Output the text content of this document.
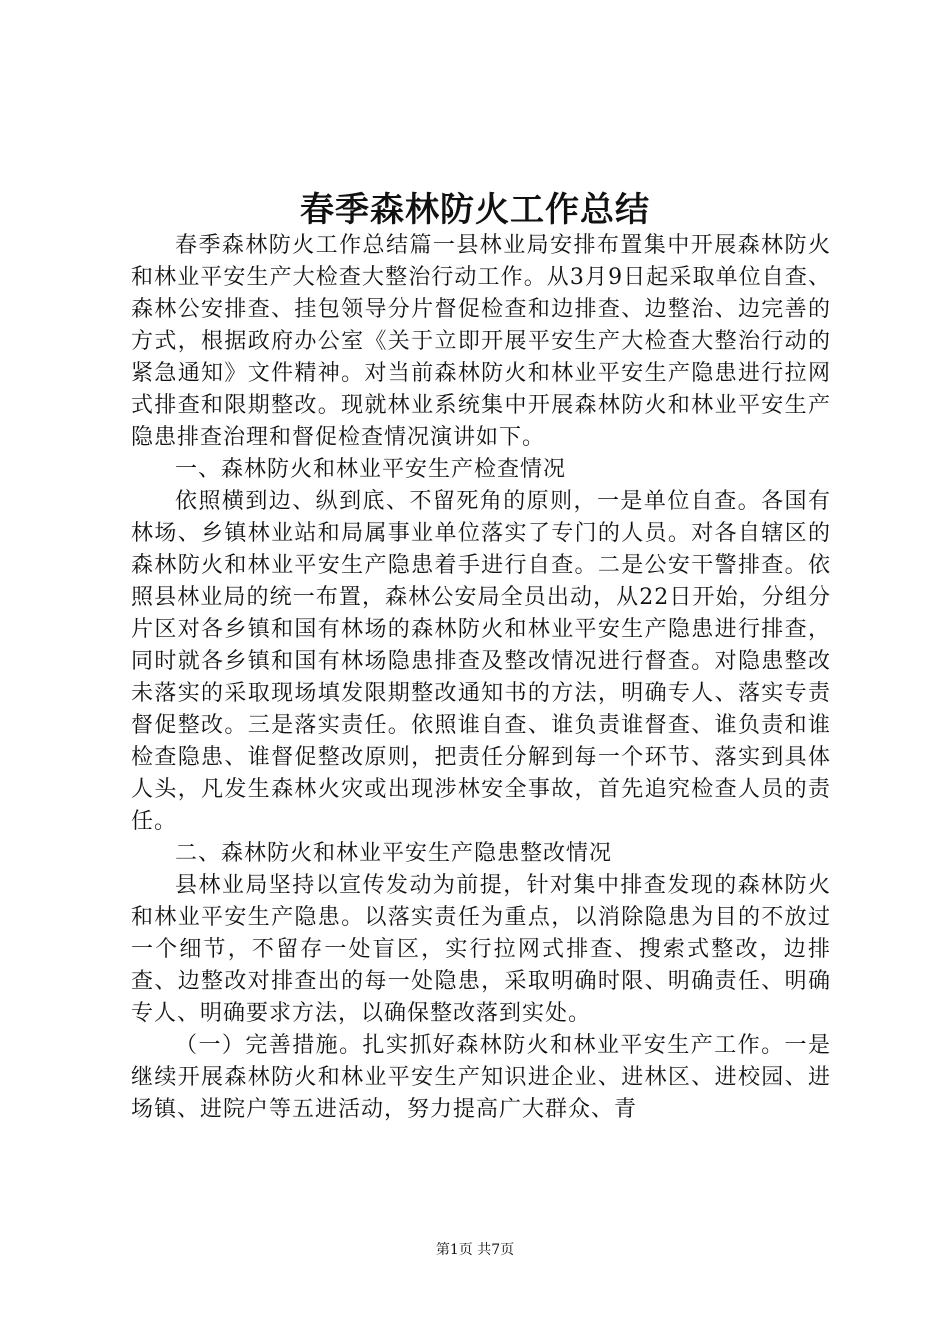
春季森林防火工作总结

春季森林防火工作总结篇一县林业局安排布置集中开展森林防火和林业平安生产大检查大整治行动工作。从3月9日起采取单位自查、森林公安排查、挂包领导分片督促检查和边排查、边整治、边完善的方式，根据政府办公室《关于立即开展平安生产大检查大整治行动的紧急通知》文件精神。对当前森林防火和林业平安生产隐患进行拉网式排查和限期整改。现就林业系统集中开展森林防火和林业平安生产隐患排查治理和督促检查情况演讲如下。

一、森林防火和林业平安生产检查情况

依照横到边、纵到底、不留死角的原则，一是单位自查。各国有林场、乡镇林业站和局属事业单位落实了专门的人员。对各自辖区的森林防火和林业平安生产隐患着手进行自查。二是公安干警排查。依照县林业局的统一布置，森林公安局全员出动，从22日开始，分组分片区对各乡镇和国有林场的森林防火和林业平安生产隐患进行排查，同时就各乡镇和国有林场隐患排查及整改情况进行督查。对隐患整改未落实的采取现场填发限期整改通知书的方法，明确专人、落实专责督促整改。三是落实责任。依照谁自查、谁负责谁督查、谁负责和谁检查隐患、谁督促整改原则，把责任分解到每一个环节、落实到具体人头，凡发生森林火灾或出现涉林安全事故，首先追究检查人员的责任。

二、森林防火和林业平安生产隐患整改情况

县林业局坚持以宣传发动为前提，针对集中排查发现的森林防火和林业平安生产隐患。以落实责任为重点，以消除隐患为目的不放过一个细节，不留存一处盲区，实行拉网式排查、搜索式整改，边排查、边整改对排查出的每一处隐患，采取明确时限、明确责任、明确专人、明确要求方法，以确保整改落到实处。

（一）完善措施。扎实抓好森林防火和林业平安生产工作。一是继续开展森林防火和林业平安生产知识进企业、进林区、进校园、进场镇、进院户等五进活动，努力提高广大群众、青

第1页 共7页
